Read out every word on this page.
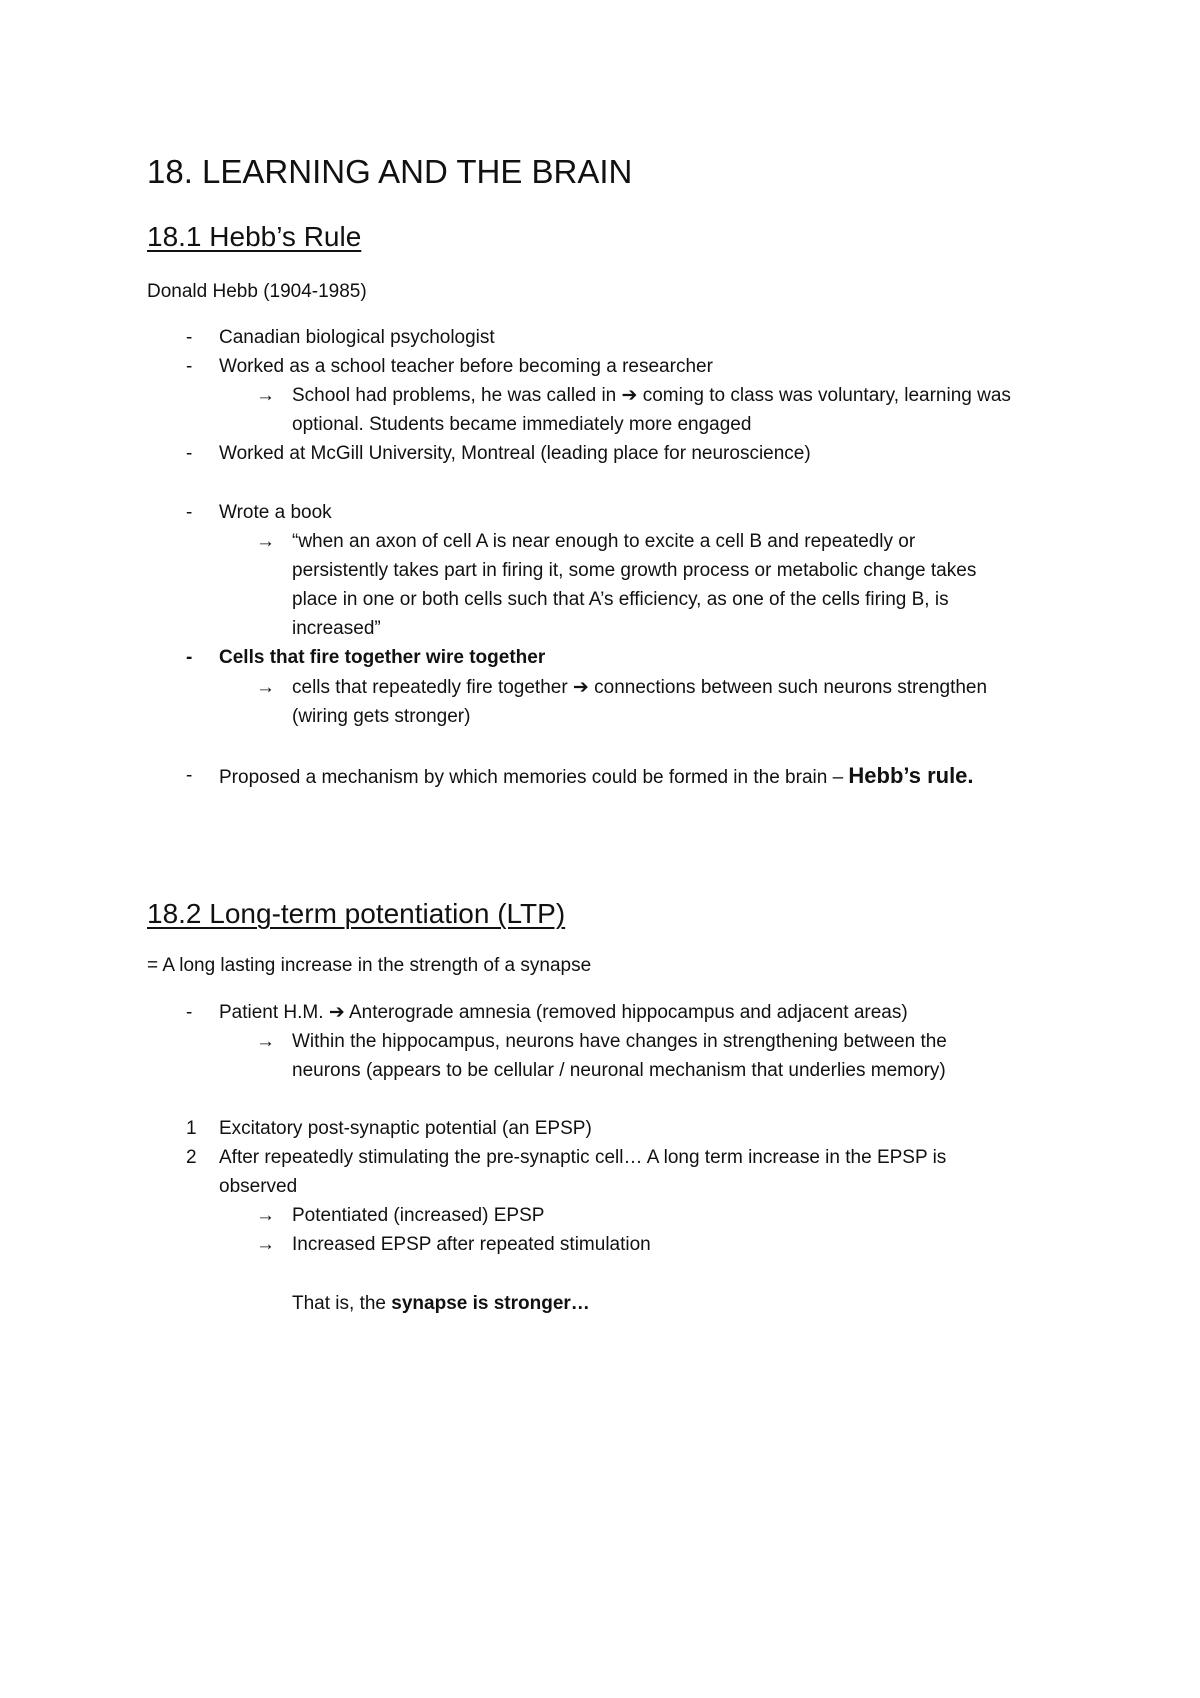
18. LEARNING AND THE BRAIN
18.1 Hebb’s Rule
Donald Hebb (1904-1985)
- Canadian biological psychologist
- Worked as a school teacher before becoming a researcher
→ School had problems, he was called in ➔ coming to class was voluntary, learning was
optional. Students became immediately more engaged
- Worked at McGill University, Montreal (leading place for neuroscience)
- Wrote a book
→ “when an axon of cell A is near enough to excite a cell B and repeatedly or
persistently takes part in firing it, some growth process or metabolic change takes
place in one or both cells such that A’s efficiency, as one of the cells firing B, is
increased”
- Cells that fire together wire together
→ cells that repeatedly fire together ➔ connections between such neurons strengthen
(wiring gets stronger)
- Proposed a mechanism by which memories could be formed in the brain – Hebb’s rule.
18.2 Long-term potentiation (LTP)
= A long lasting increase in the strength of a synapse
- Patient H.M. ➔ Anterograde amnesia (removed hippocampus and adjacent areas)
→ Within the hippocampus, neurons have changes in strengthening between the
neurons (appears to be cellular / neuronal mechanism that underlies memory)
1 Excitatory post-synaptic potential (an EPSP)
2 After repeatedly stimulating the pre-synaptic cell… A long term increase in the EPSP is
observed
→ Potentiated (increased) EPSP
→ Increased EPSP after repeated stimulation
That is, the synapse is stronger…
